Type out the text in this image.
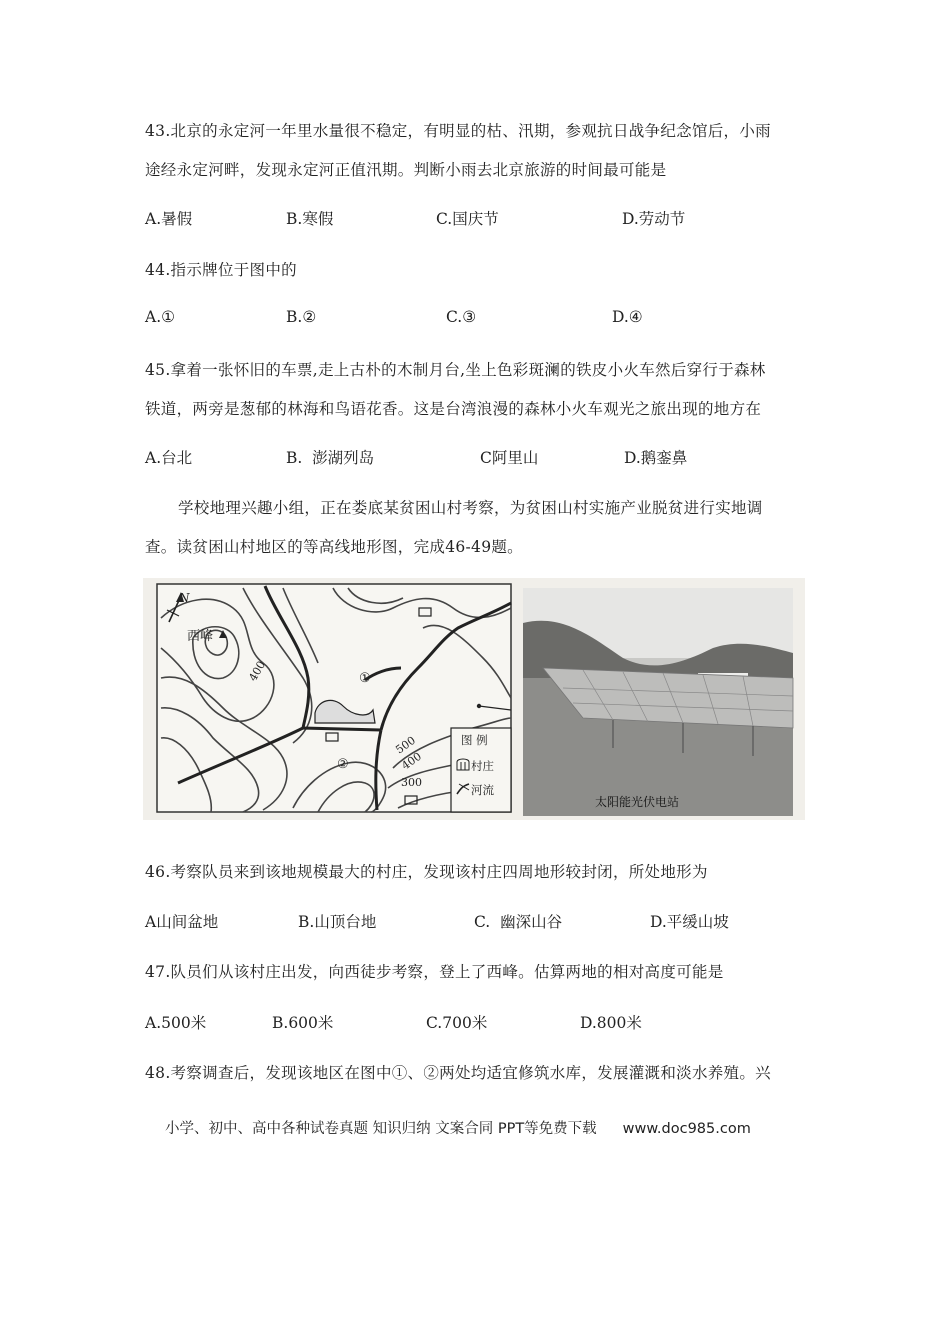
43.北京的永定河一年里水量很不稳定，有明显的枯、汛期，参观抗日战争纪念馆后，小雨
途经永定河畔，发现永定河正值汛期。判断小雨去北京旅游的时间最可能是
A.暑假	B.寒假	C.国庆节	D.劳动节
44.指示牌位于图中的
A.①	B.②	C.③	D.④
45.拿着一张怀旧的车票,走上古朴的木制月台,坐上色彩斑澜的铁皮小火车然后穿行于森林
铁道，两旁是葱郁的林海和鸟语花香。这是台湾浪漫的森林小火车观光之旅出现的地方在
A.台北	B.  澎湖列岛	C阿里山	D.鹅銮鼻
学校地理兴趣小组，正在娄底某贫困山村考察，为贫困山村实施产业脱贫进行实地调
查。读贫困山村地区的等高线地形图，完成46-49题。
N
西峰
400
500
400
300
①
②
图 例
村庄
河流
太阳能光伏电站
46.考察队员来到该地规模最大的村庄，发现该村庄四周地形较封闭，所处地形为
A山间盆地	B.山顶台地	C.  幽深山谷	D.平缓山坡
47.队员们从该村庄出发，向西徒步考察，登上了西峰。估算两地的相对高度可能是
A.500米	B.600米	C.700米	D.800米
48.考察调查后，发现该地区在图中①、②两处均适宜修筑水库，发展灌溉和淡水养殖。兴
小学、初中、高中各种试卷真题 知识归纳 文案合同 PPT等免费下载 www.doc985.com
